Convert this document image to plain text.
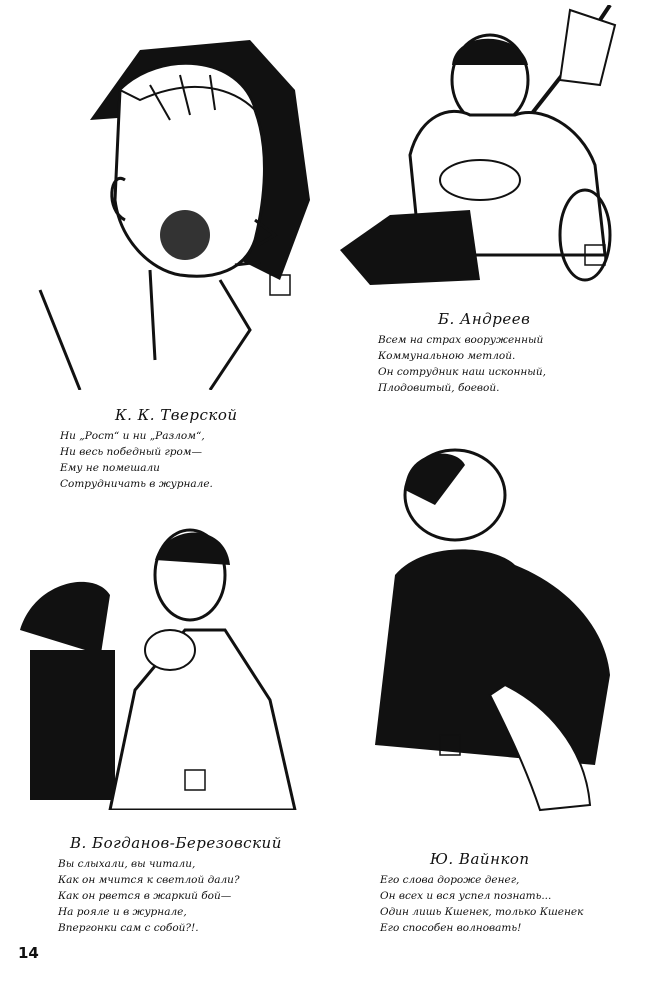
К. К. Тверской
Ни „Рост“ и ни „Разлом“,
Ни весь победный гром—
Ему не помешали
Сотрудничать в журнале.
Б. Андреев
Всем на страх вооруженный
Коммунальною метлой.
Он сотрудник наш исконный,
Плодовитый, боевой.
В. Богданов-Березовский
Вы слыхали, вы читали,
Как он мчится к светлой дали?
Как он рвется в жаркий бой—
На рояле и в журнале,
Впергонки сам с собой?!.
Ю. Вайнкоп
Его слова дороже денег,
Он всех и вся успел познать...
Один лишь Кшенек, только Кшенек
Его способен волновать!
14
